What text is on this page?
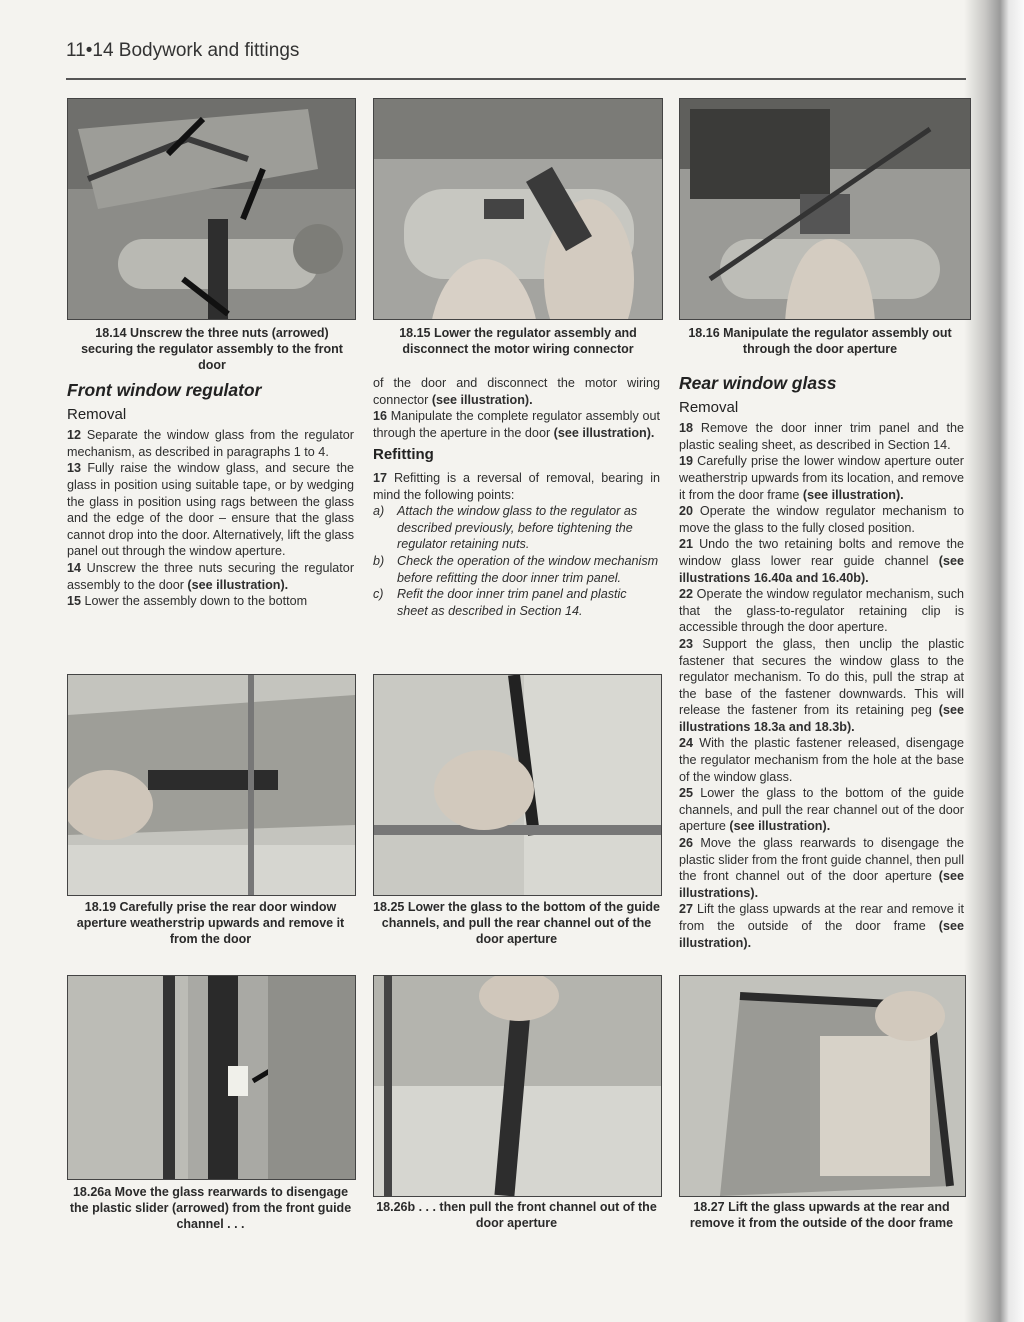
11•14 Bodywork and fittings
18.14 Unscrew the three nuts (arrowed) securing the regulator assembly to the front door
18.15 Lower the regulator assembly and disconnect the motor wiring connector
18.16 Manipulate the regulator assembly out through the door aperture
Front window regulator
Removal

12 Separate the window glass from the regulator mechanism, as described in paragraphs 1 to 4.

13 Fully raise the window glass, and secure the glass in position using suitable tape, or by wedging the glass in position using rags between the glass and the edge of the door – ensure that the glass cannot drop into the door. Alternatively, lift the glass panel out through the window aperture.

14 Unscrew the three nuts securing the regulator assembly to the door (see illustration).

15 Lower the assembly down to the bottom

of the door and disconnect the motor wiring connector (see illustration).

16 Manipulate the complete regulator assembly out through the aperture in the door (see illustration).

Refitting

17 Refitting is a reversal of removal, bearing in mind the following points:

a) Attach the window glass to the regulator as described previously, before tightening the regulator retaining nuts.

b) Check the operation of the window mechanism before refitting the door inner trim panel.

c) Refit the door inner trim panel and plastic sheet as described in Section 14.

Rear window glass
Removal

18 Remove the door inner trim panel and the plastic sealing sheet, as described in Section 14.

19 Carefully prise the lower window aperture outer weatherstrip upwards from its location, and remove it from the door frame (see illustration).

20 Operate the window regulator mechanism to move the glass to the fully closed position.

21 Undo the two retaining bolts and remove the window glass lower rear guide channel (see illustrations 16.40a and 16.40b).

22 Operate the window regulator mechanism, such that the glass-to-regulator retaining clip is accessible through the door aperture.

23 Support the glass, then unclip the plastic fastener that secures the window glass to the regulator mechanism. To do this, pull the strap at the base of the fastener downwards. This will release the fastener from its retaining peg (see illustrations 18.3a and 18.3b).

24 With the plastic fastener released, disengage the regulator mechanism from the hole at the base of the window glass.

25 Lower the glass to the bottom of the guide channels, and pull the rear channel out of the door aperture (see illustration).

26 Move the glass rearwards to disengage the plastic slider from the front guide channel, then pull the front channel out of the door aperture (see illustrations).

27 Lift the glass upwards at the rear and remove it from the outside of the door frame (see illustration).

18.19 Carefully prise the rear door window aperture weatherstrip upwards and remove it from the door
18.25 Lower the glass to the bottom of the guide channels, and pull the rear channel out of the door aperture
18.26a Move the glass rearwards to disengage the plastic slider (arrowed) from the front guide channel . . .
18.26b . . . then pull the front channel out of the door aperture
18.27 Lift the glass upwards at the rear and remove it from the outside of the door frame
